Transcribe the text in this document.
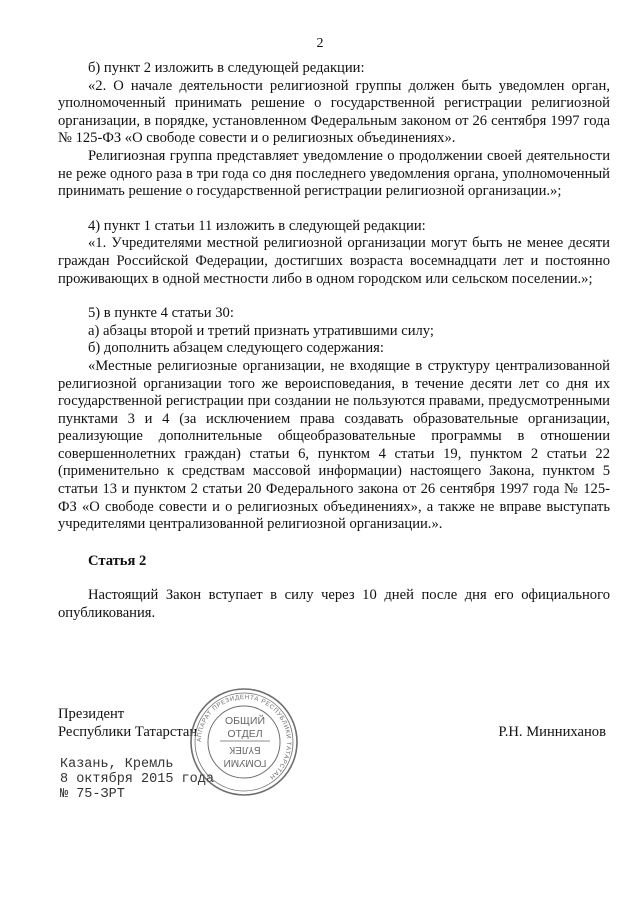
2

б) пункт 2 изложить в следующей редакции:

«2. О начале деятельности религиозной группы должен быть уведомлен орган, уполномоченный принимать решение о государственной регистрации религиозной организации, в порядке, установленном Федеральным законом от 26 сентября 1997 года № 125-ФЗ «О свободе совести и о религиозных объединениях».

Религиозная группа представляет уведомление о продолжении своей деятельности не реже одного раза в три года со дня последнего уведомления органа, уполномоченный принимать решение о государственной регистрации религиозной организации.»;

4) пункт 1 статьи 11 изложить в следующей редакции:

«1. Учредителями местной религиозной организации могут быть не менее десяти граждан Российской Федерации, достигших возраста восемнадцати лет и постоянно проживающих в одной местности либо в одном городском или сельском поселении.»;

5) в пункте 4 статьи 30:

а) абзацы второй и третий признать утратившими силу;

б) дополнить абзацем следующего содержания:

«Местные религиозные организации, не входящие в структуру централизованной религиозной организации того же вероисповедания, в течение десяти лет со дня их государственной регистрации при создании не пользуются правами, предусмотренными пунктами 3 и 4 (за исключением права создавать образовательные организации, реализующие дополнительные общеобразовательные программы в отношении совершеннолетних граждан) статьи 6, пунктом 4 статьи 19, пунктом 2 статьи 22 (применительно к средствам массовой информации) настоящего Закона, пунктом 5 статьи 13 и пунктом 2 статьи 20 Федерального закона от 26 сентября 1997 года № 125-ФЗ «О свободе совести и о религиозных объединениях», а также не вправе выступать учредителями централизованной религиозной организации.».

Статья 2

Настоящий Закон вступает в силу через 10 дней после дня его официального опубликования.

Президент
Республики Татарстан	Р.Н. Минниханов
Казань, Кремль
8 октября 2015 года
№ 75-ЗРТ
АППАРАТ ПРЕЗИДЕНТА РЕСПУБЛИКИ ТАТАРСТАН
ОБЩИЙ
ОТДЕЛ
БҮЛЕК
ГОМУМИ
